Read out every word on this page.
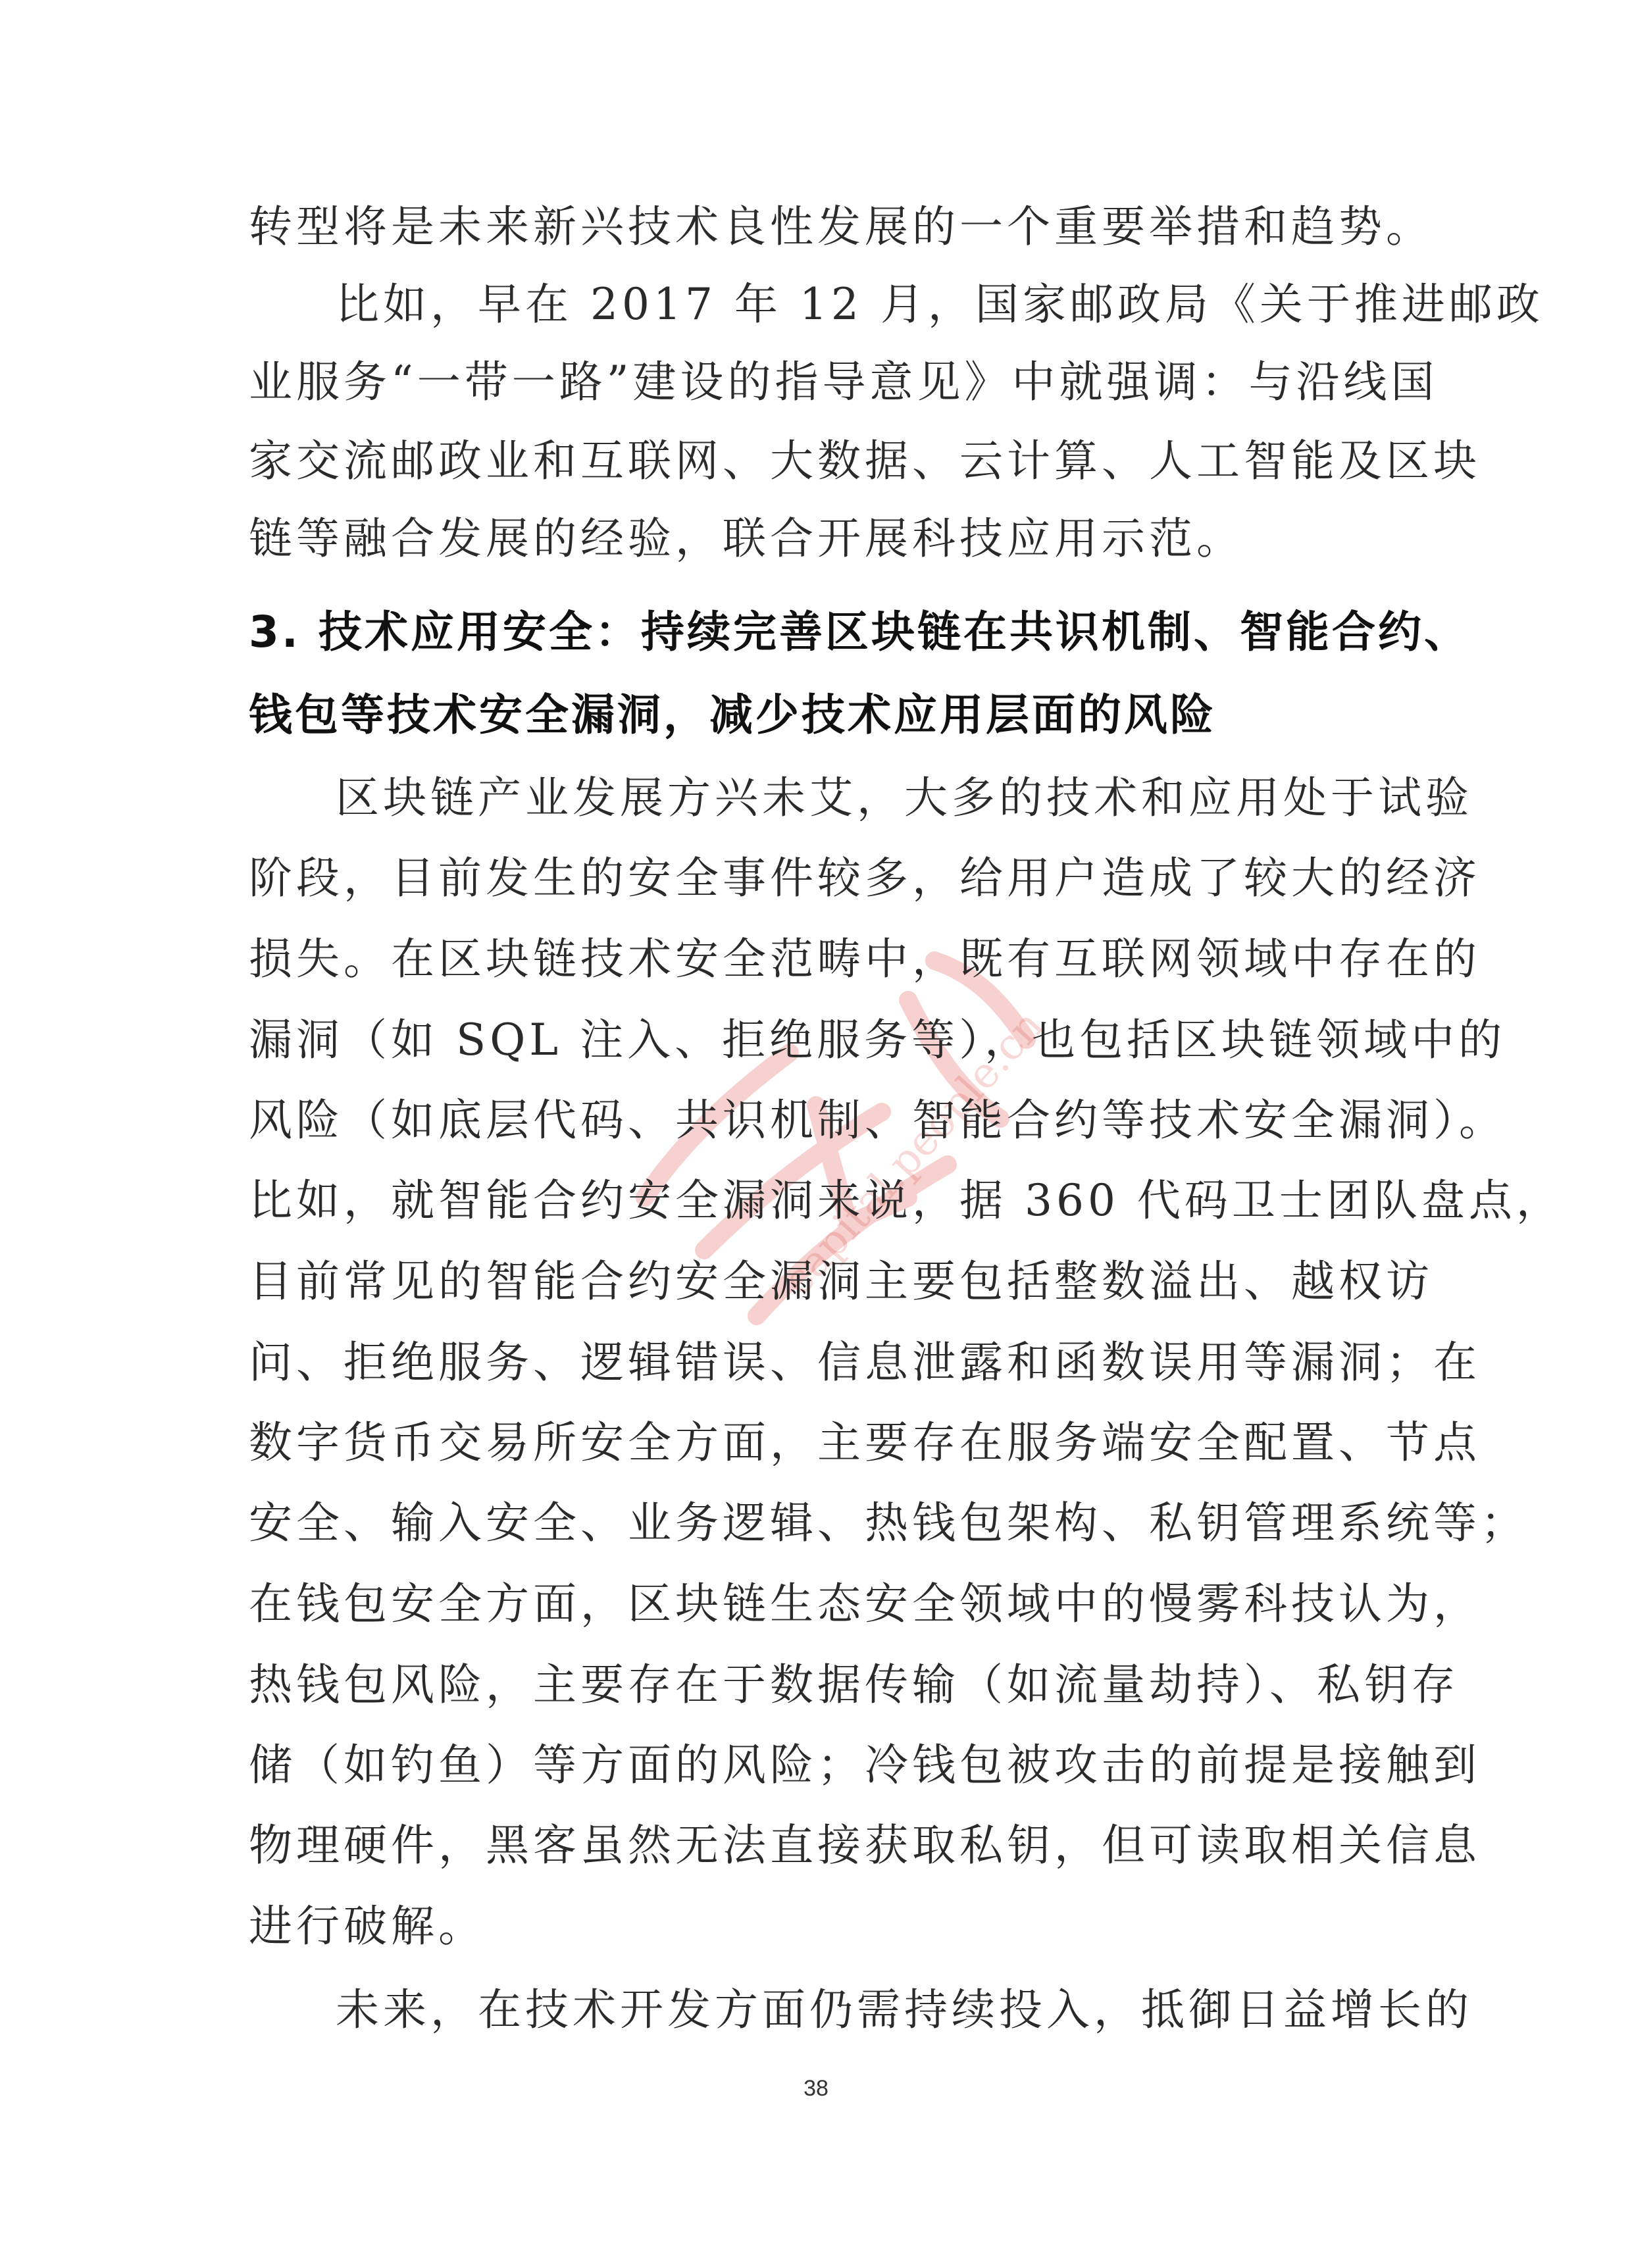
capital.people.cn
转型将是未来新兴技术良性发展的一个重要举措和趋势。
比如，早在 2017 年 12 月，国家邮政局《关于推进邮政
业服务“一带一路”建设的指导意见》中就强调：与沿线国
家交流邮政业和互联网、大数据、云计算、人工智能及区块
链等融合发展的经验，联合开展科技应用示范。
3. 技术应用安全：持续完善区块链在共识机制、智能合约、
钱包等技术安全漏洞，减少技术应用层面的风险
区块链产业发展方兴未艾，大多的技术和应用处于试验
阶段，目前发生的安全事件较多，给用户造成了较大的经济
损失。在区块链技术安全范畴中，既有互联网领域中存在的
漏洞（如 SQL 注入、拒绝服务等），也包括区块链领域中的
风险（如底层代码、共识机制、智能合约等技术安全漏洞）。
比如，就智能合约安全漏洞来说，据 360 代码卫士团队盘点，
目前常见的智能合约安全漏洞主要包括整数溢出、越权访
问、拒绝服务、逻辑错误、信息泄露和函数误用等漏洞；在
数字货币交易所安全方面，主要存在服务端安全配置、节点
安全、输入安全、业务逻辑、热钱包架构、私钥管理系统等；
在钱包安全方面，区块链生态安全领域中的慢雾科技认为，
热钱包风险，主要存在于数据传输（如流量劫持）、私钥存
储（如钓鱼）等方面的风险；冷钱包被攻击的前提是接触到
物理硬件，黑客虽然无法直接获取私钥，但可读取相关信息
进行破解。
未来，在技术开发方面仍需持续投入，抵御日益增长的
38
